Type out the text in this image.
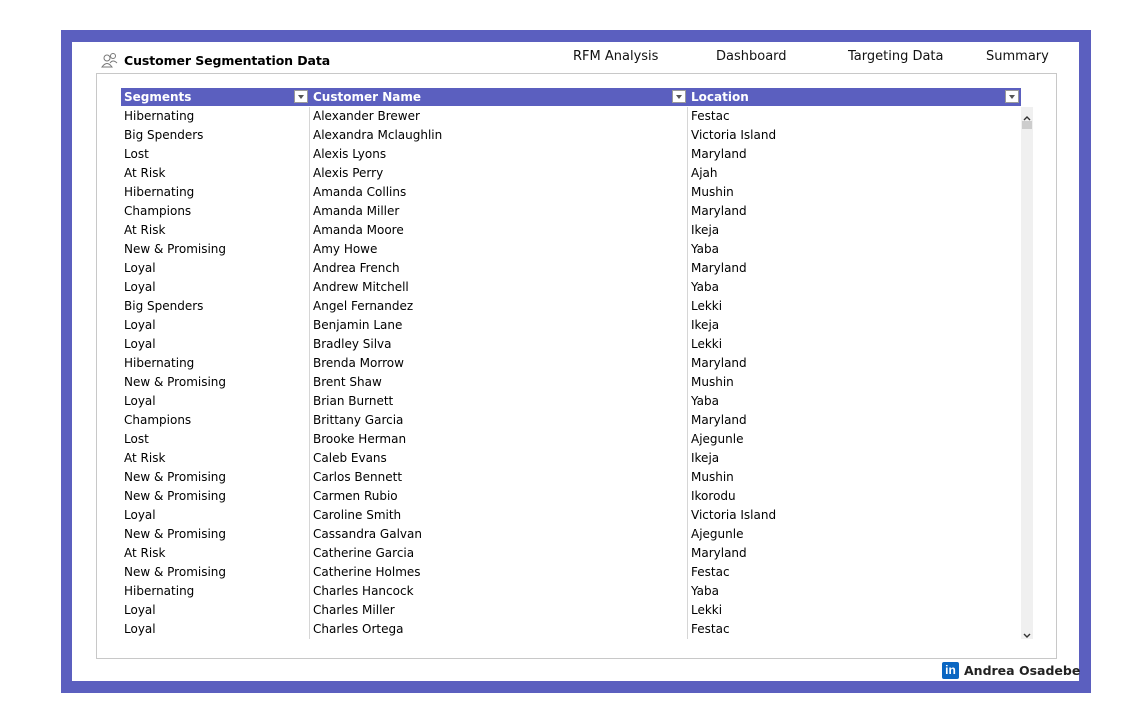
Customer Segmentation Data	RFM Analysis	Dashboard	Targeting Data	Summary
Segments	Customer Name	Location
Hibernating	Alexander Brewer	Festac
Big Spenders	Alexandra Mclaughlin	Victoria Island
Lost	Alexis Lyons	Maryland
At Risk	Alexis Perry	Ajah
Hibernating	Amanda Collins	Mushin
Champions	Amanda Miller	Maryland
At Risk	Amanda Moore	Ikeja
New & Promising	Amy Howe	Yaba
Loyal	Andrea French	Maryland
Loyal	Andrew Mitchell	Yaba
Big Spenders	Angel Fernandez	Lekki
Loyal	Benjamin Lane	Ikeja
Loyal	Bradley Silva	Lekki
Hibernating	Brenda Morrow	Maryland
New & Promising	Brent Shaw	Mushin
Loyal	Brian Burnett	Yaba
Champions	Brittany Garcia	Maryland
Lost	Brooke Herman	Ajegunle
At Risk	Caleb Evans	Ikeja
New & Promising	Carlos Bennett	Mushin
New & Promising	Carmen Rubio	Ikorodu
Loyal	Caroline Smith	Victoria Island
New & Promising	Cassandra Galvan	Ajegunle
At Risk	Catherine Garcia	Maryland
New & Promising	Catherine Holmes	Festac
Hibernating	Charles Hancock	Yaba
Loyal	Charles Miller	Lekki
Loyal	Charles Ortega	Festac
in Andrea Osadebe
